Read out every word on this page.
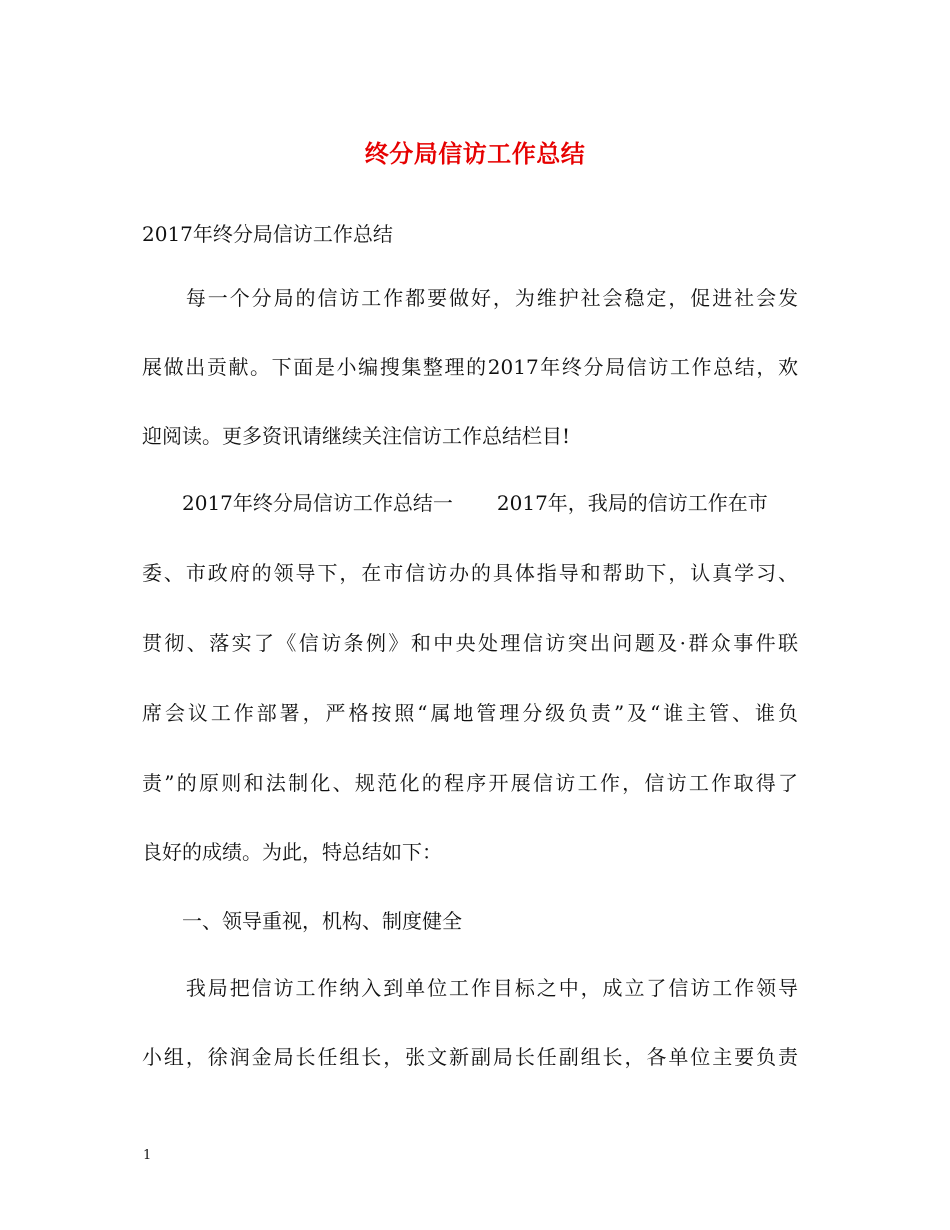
终分局信访工作总结
2017年终分局信访工作总结
　　每一个分局的信访工作都要做好，为维护社会稳定，促进社会发
展做出贡献。下面是小编搜集整理的2017年终分局信访工作总结，欢
迎阅读。更多资讯请继续关注信访工作总结栏目!
　　2017年终分局信访工作总结一 2017年，我局的信访工作在市
委、市政府的领导下，在市信访办的具体指导和帮助下，认真学习、
贯彻、落实了《信访条例》和中央处理信访突出问题及·群众事件联
席会议工作部署，严格按照“属地管理分级负责”及“谁主管、谁负
责”的原则和法制化、规范化的程序开展信访工作，信访工作取得了
良好的成绩。为此，特总结如下：
　　一、领导重视，机构、制度健全
　　我局把信访工作纳入到单位工作目标之中，成立了信访工作领导
小组，徐润金局长任组长，张文新副局长任副组长，各单位主要负责
1
